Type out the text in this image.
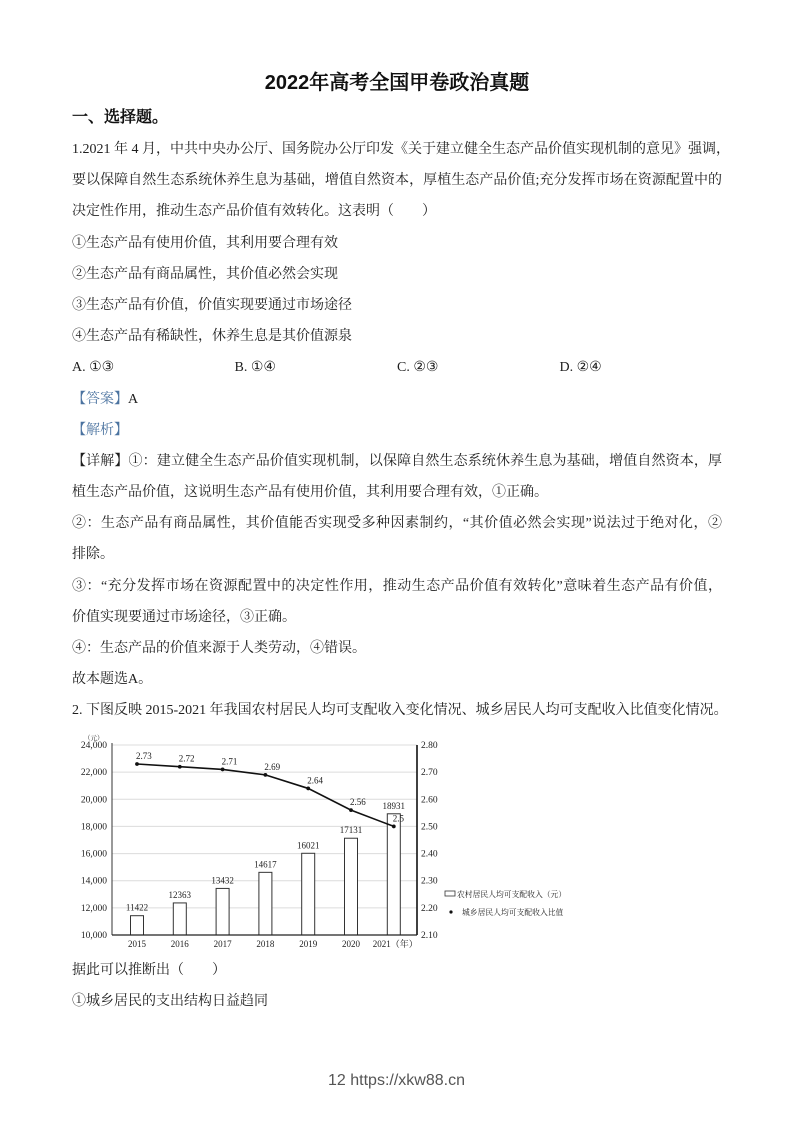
2022年高考全国甲卷政治真题
一、选择题。
1.2021 年 4 月，中共中央办公厅、国务院办公厅印发《关于建立健全生态产品价值实现机制的意见》强调，
要以保障自然生态系统休养生息为基础，增值自然资本，厚植生态产品价值;充分发挥市场在资源配置中的
决定性作用，推动生态产品价值有效转化。这表明（　　）
①生态产品有使用价值，其利用要合理有效
②生态产品有商品属性，其价值必然会实现
③生态产品有价值，价值实现要通过市场途径
④生态产品有稀缺性，休养生息是其价值源泉
A. ①③	B. ①④	C. ②③	D. ②④
【答案】A
【解析】
【详解】①：建立健全生态产品价值实现机制，以保障自然生态系统休养生息为基础，增值自然资本，厚
植生态产品价值，这说明生态产品有使用价值，其利用要合理有效，①正确。
②：生态产品有商品属性，其价值能否实现受多种因素制约，“其价值必然会实现”说法过于绝对化，②
排除。
③：“充分发挥市场在资源配置中的决定性作用，推动生态产品价值有效转化”意味着生态产品有价值，
价值实现要通过市场途径，③正确。
④：生态产品的价值来源于人类劳动，④错误。
故本题选A。
2. 下图反映 2015-2021 年我国农村居民人均可支配收入变化情况、城乡居民人均可支配收入比值变化情况。
10,000
12,000
14,000
16,000
18,000
20,000
22,000
24,000
2.10
2.20
2.30
2.40
2.50
2.60
2.70
2.80
（元）
11422
12363
13432
14617
16021
17131
18931
2015	2016	2017	2018	2019	2020 2021（年）
2.73	2.72	2.71
2.69
2.64
2.56
2.5
农村居民人均可支配收入（元）
城乡居民人均可支配收入比值
据此可以推断出（　　）
①城乡居民的支出结构日益趋同
12 https://xkw88.cn
